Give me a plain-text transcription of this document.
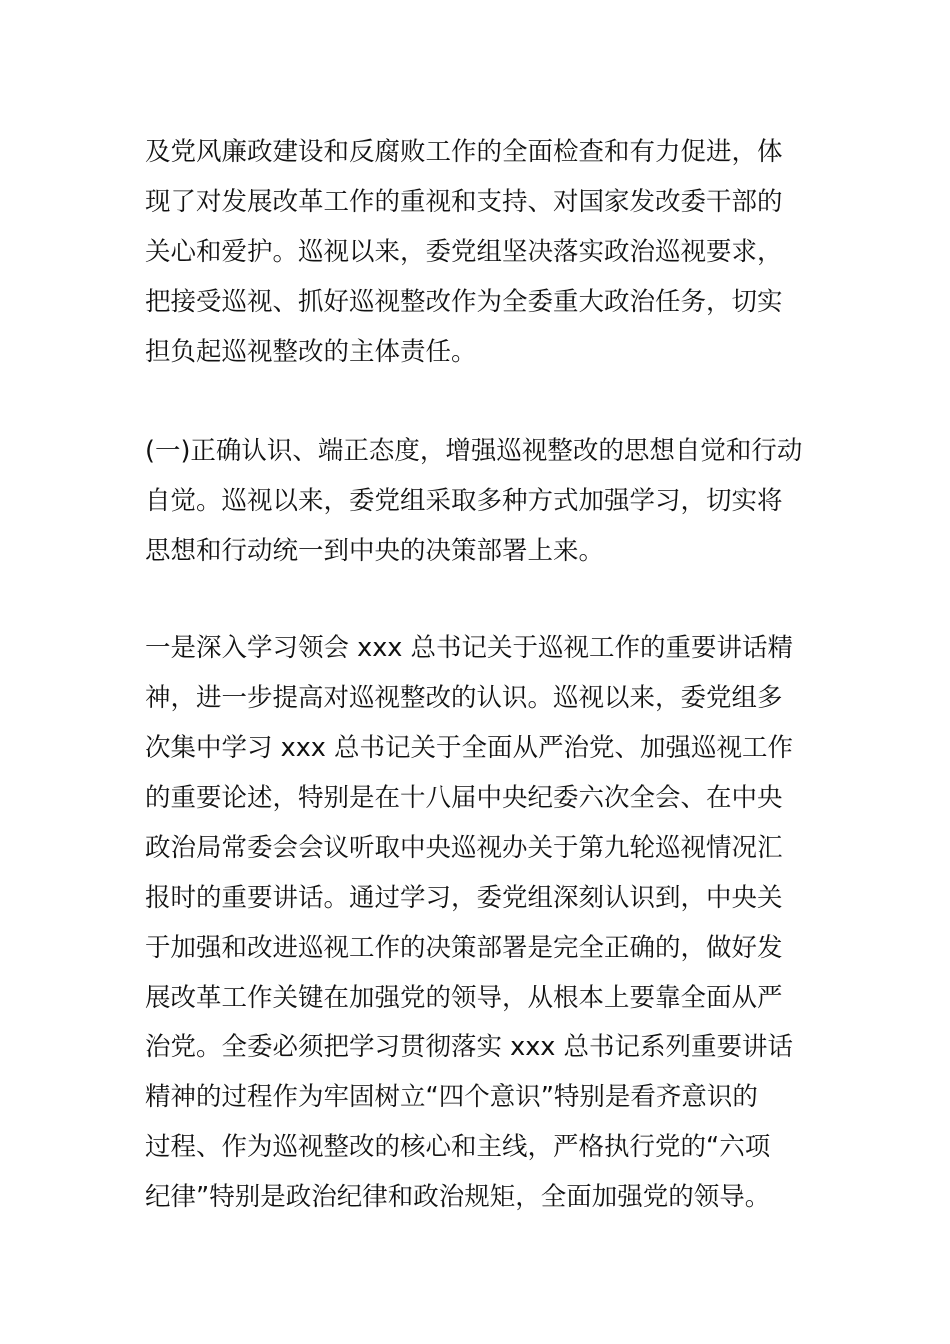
及党风廉政建设和反腐败工作的全面检查和有力促进，体
现了对发展改革工作的重视和支持、对国家发改委干部的
关心和爱护。巡视以来，委党组坚决落实政治巡视要求，
把接受巡视、抓好巡视整改作为全委重大政治任务，切实
担负起巡视整改的主体责任。
(一)正确认识、端正态度，增强巡视整改的思想自觉和行动
自觉。巡视以来，委党组采取多种方式加强学习，切实将
思想和行动统一到中央的决策部署上来。
一是深入学习领会 xxx 总书记关于巡视工作的重要讲话精
神，进一步提高对巡视整改的认识。巡视以来，委党组多
次集中学习 xxx 总书记关于全面从严治党、加强巡视工作
的重要论述，特别是在十八届中央纪委六次全会、在中央
政治局常委会会议听取中央巡视办关于第九轮巡视情况汇
报时的重要讲话。通过学习，委党组深刻认识到，中央关
于加强和改进巡视工作的决策部署是完全正确的，做好发
展改革工作关键在加强党的领导，从根本上要靠全面从严
治党。全委必须把学习贯彻落实 xxx 总书记系列重要讲话
精神的过程作为牢固树立“四个意识”特别是看齐意识的
过程、作为巡视整改的核心和主线，严格执行党的“六项
纪律”特别是政治纪律和政治规矩，全面加强党的领导。
